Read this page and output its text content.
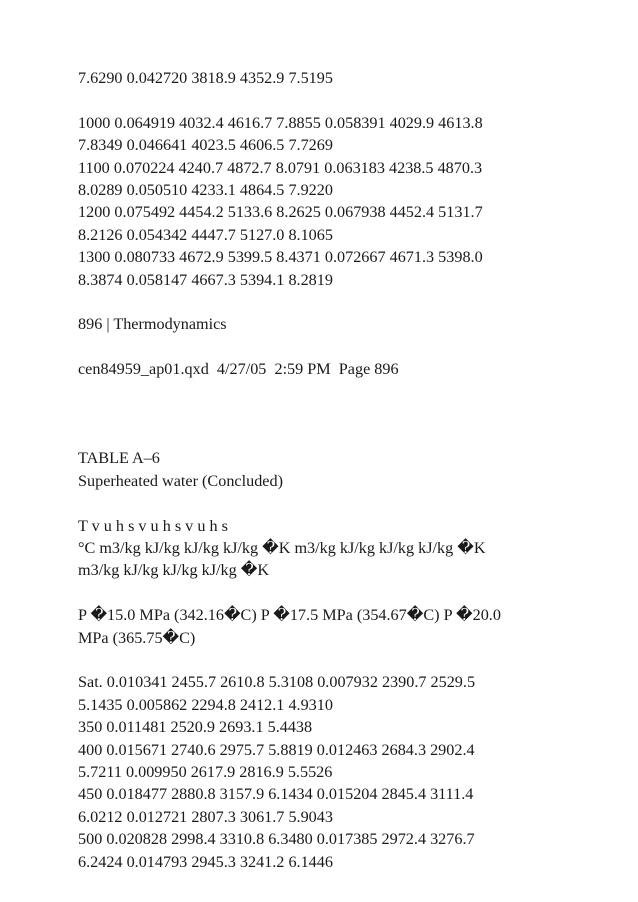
7.6290 0.042720 3818.9 4352.9 7.5195
1000 0.064919 4032.4 4616.7 7.8855 0.058391 4029.9 4613.8
7.8349 0.046641 4023.5 4606.5 7.7269
1100 0.070224 4240.7 4872.7 8.0791 0.063183 4238.5 4870.3
8.0289 0.050510 4233.1 4864.5 7.9220
1200 0.075492 4454.2 5133.6 8.2625 0.067938 4452.4 5131.7
8.2126 0.054342 4447.7 5127.0 8.1065
1300 0.080733 4672.9 5399.5 8.4371 0.072667 4671.3 5398.0
8.3874 0.058147 4667.3 5394.1 8.2819
896 | Thermodynamics
cen84959_ap01.qxd  4/27/05  2:59 PM  Page 896
TABLE A–6
Superheated water (Concluded)
T v u h s v u h s v u h s
°C m3/kg kJ/kg kJ/kg kJ/kg �K m3/kg kJ/kg kJ/kg kJ/kg �K
m3/kg kJ/kg kJ/kg kJ/kg �K
P �15.0 MPa (342.16�C) P �17.5 MPa (354.67�C) P �20.0
MPa (365.75�C)
Sat. 0.010341 2455.7 2610.8 5.3108 0.007932 2390.7 2529.5
5.1435 0.005862 2294.8 2412.1 4.9310
350 0.011481 2520.9 2693.1 5.4438
400 0.015671 2740.6 2975.7 5.8819 0.012463 2684.3 2902.4
5.7211 0.009950 2617.9 2816.9 5.5526
450 0.018477 2880.8 3157.9 6.1434 0.015204 2845.4 3111.4
6.0212 0.012721 2807.3 3061.7 5.9043
500 0.020828 2998.4 3310.8 6.3480 0.017385 2972.4 3276.7
6.2424 0.014793 2945.3 3241.2 6.1446
